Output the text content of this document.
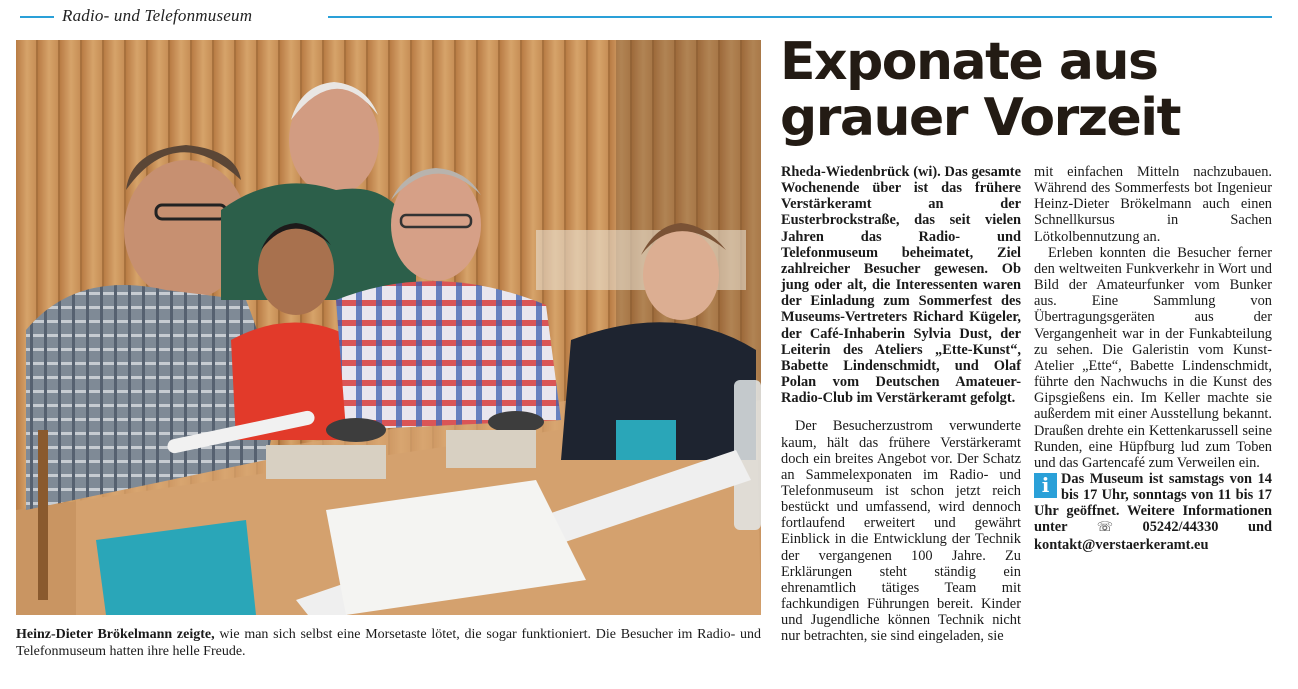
Radio- und Telefonmuseum

Heinz-Dieter Brökelmann zeigte, wie man sich selbst eine Morsetaste lötet, die sogar funktioniert. Die Besucher im Radio- und Telefonmuseum hatten ihre helle Freude.

Exponate aus
grauer Vorzeit

Rheda-Wiedenbrück (wi). Das gesamte Wochenende über ist das frühere Verstärkeramt an der Eusterbrockstraße, das seit vielen Jahren das Radio- und Telefonmuseum beheimatet, Ziel zahlreicher Besucher gewesen. Ob jung oder alt, die Interessenten waren der Einladung zum Sommerfest des Museums-Vertreters Richard Kügeler, der Café-Inhaberin Sylvia Dust, der Leiterin des Ateliers „Ette-Kunst“, Babette Lindenschmidt, und Olaf Polan vom Deutschen Amateuer-Radio-Club im Verstärkeramt gefolgt.

Der Besucherzustrom verwunderte kaum, hält das frühere Verstärkeramt doch ein breites Angebot vor. Der Schatz an Sammelexponaten im Radio- und Telefonmuseum ist schon jetzt reich bestückt und umfassend, wird dennoch fortlaufend erweitert und gewährt Einblick in die Entwicklung der Technik der vergangenen 100 Jahre. Zu Erklärungen steht ständig ein ehrenamtlich tätiges Team mit fachkundigen Führungen bereit. Kinder und Jugendliche können Technik nicht nur betrachten, sie sind eingeladen, sie

mit einfachen Mitteln nachzubauen. Während des Sommerfests bot Ingenieur Heinz-Dieter Brökelmann auch einen Schnellkursus in Sachen Lötkolbennutzung an.

Erleben konnten die Besucher ferner den weltweiten Funkverkehr in Wort und Bild der Amateurfunker vom Bunker aus. Eine Sammlung von Übertragungsgeräten aus der Vergangenheit war in der Funkabteilung zu sehen. Die Galeristin vom Kunst-Atelier „Ette“, Babette Lindenschmidt, führte den Nachwuchs in die Kunst des Gipsgießens ein. Im Keller machte sie außerdem mit einer Ausstellung bekannt. Draußen drehte ein Kettenkarussell seine Runden, eine Hüpfburg lud zum Toben und das Gartencafé zum Verweilen ein.

i Das Museum ist samstags von 14 bis 17 Uhr, sonntags von 11 bis 17 Uhr geöffnet. Weitere Informationen unter ☏ 05242/44330 und kontakt@verstaerkeramt.eu
